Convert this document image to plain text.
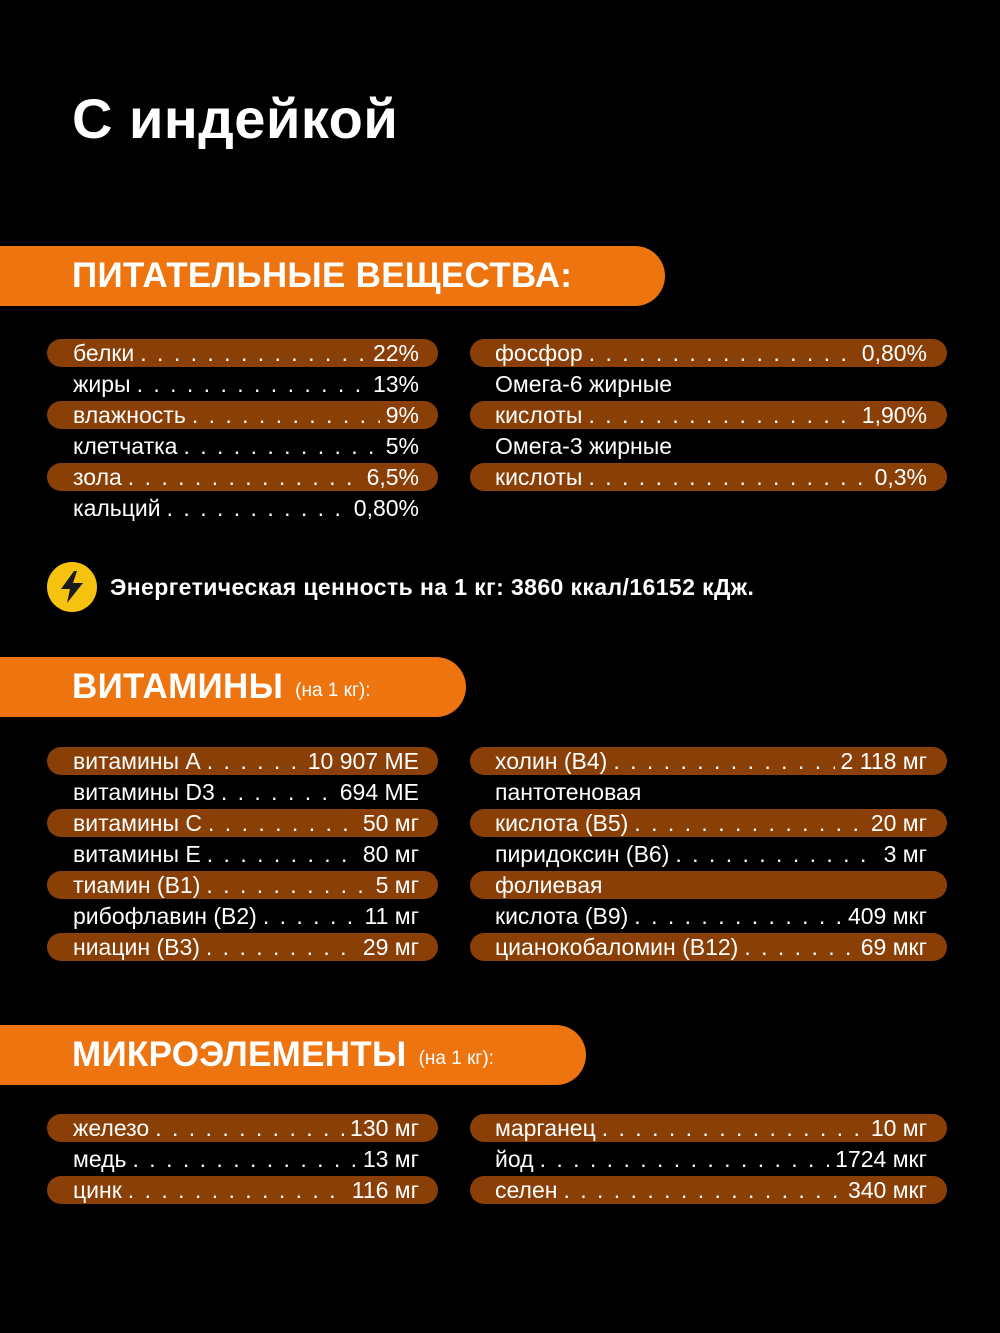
С индейкой
ПИТАТЕЛЬНЫЕ ВЕЩЕСТВА:
белки . . .	22%	фосфор . . .	0,80%
жиры . . .	13%	Омега-6 жирные
влажность . . .	9%	кислоты . . .	1,90%
клетчатка . . .	5%	Омега-3 жирные
зола . . .	6,5%	кислоты . . .	0,3%
кальций . . .	0,80%
Энергетическая ценность на 1 кг: 3860 ккал/16152 кДж.
ВИТАМИНЫ (на 1 кг):
витамины А . . .	10 907 МЕ	холин (В4) . . .	2 118 мг
витамины D3 . . .	694 МЕ	пантотеновая
витамины С . . .	50 мг	кислота (В5) . . .	20 мг
витамины Е . . .	80 мг	пиридоксин (В6) . . .	3 мг
тиамин (В1) . . .	5 мг	фолиевая
рибофлавин (В2) . . .	11 мг	кислота (В9) . . .	409 мкг
ниацин (В3) . . .	29 мг	цианокобаломин (В12) . . .	69 мкг
МИКРОЭЛЕМЕНТЫ (на 1 кг):
железо . . .	130 мг	марганец . . .	10 мг
медь . . .	13 мг	йод . . .	1724 мкг
цинк . . .	116 мг	селен . . .	340 мкг
